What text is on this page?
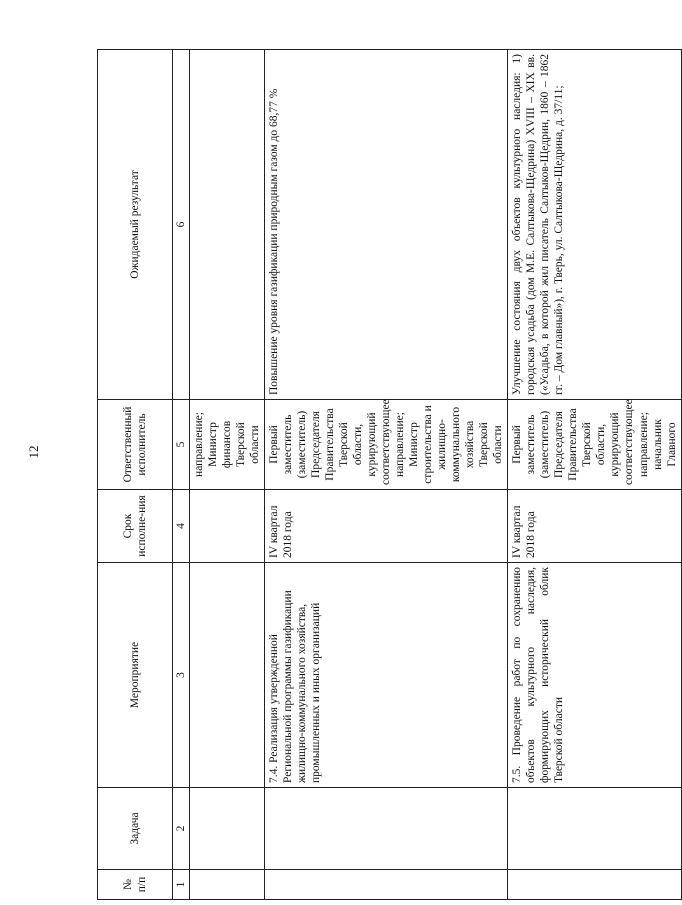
12
№ п/п	Задача	Мероприятие	Срок исполне-ния	Ответственный исполнитель	Ожидаемый результат
1	2	3	4	5	6
				направление; Министр финансов Тверской области	
		7.4. Реализация утвержденной Региональной программы газификации жилищно-коммунального хозяйства, промышленных и иных организаций	IV квартал 2018 года	Первый заместитель (заместитель) Председателя Правительства Тверской области, курирующий соответствующее направление; Министр строительства и жилищно-коммунального хозяйства Тверской области	Повышение уровня газификации природным газом до 68,77 %
		7.5. Проведение работ по сохранению объектов культурного наследия, формирующих исторический облик Тверской области	IV квартал 2018 года	Первый заместитель (заместитель) Председателя Правительства Тверской области, курирующий соответствующее направление; начальник Главного	Улучшение состояния двух объектов культурного наследия: 1) городская усадьба (дом М.Е. Салтыкова-Щедрина) XVIII – XIX вв. («Усадьба, в которой жил писатель Салтыков-Щедрин, 1860 – 1862 гг. – Дом главный»), г. Тверь, ул. Салтыкова-Щедрина, д. 37/11;
